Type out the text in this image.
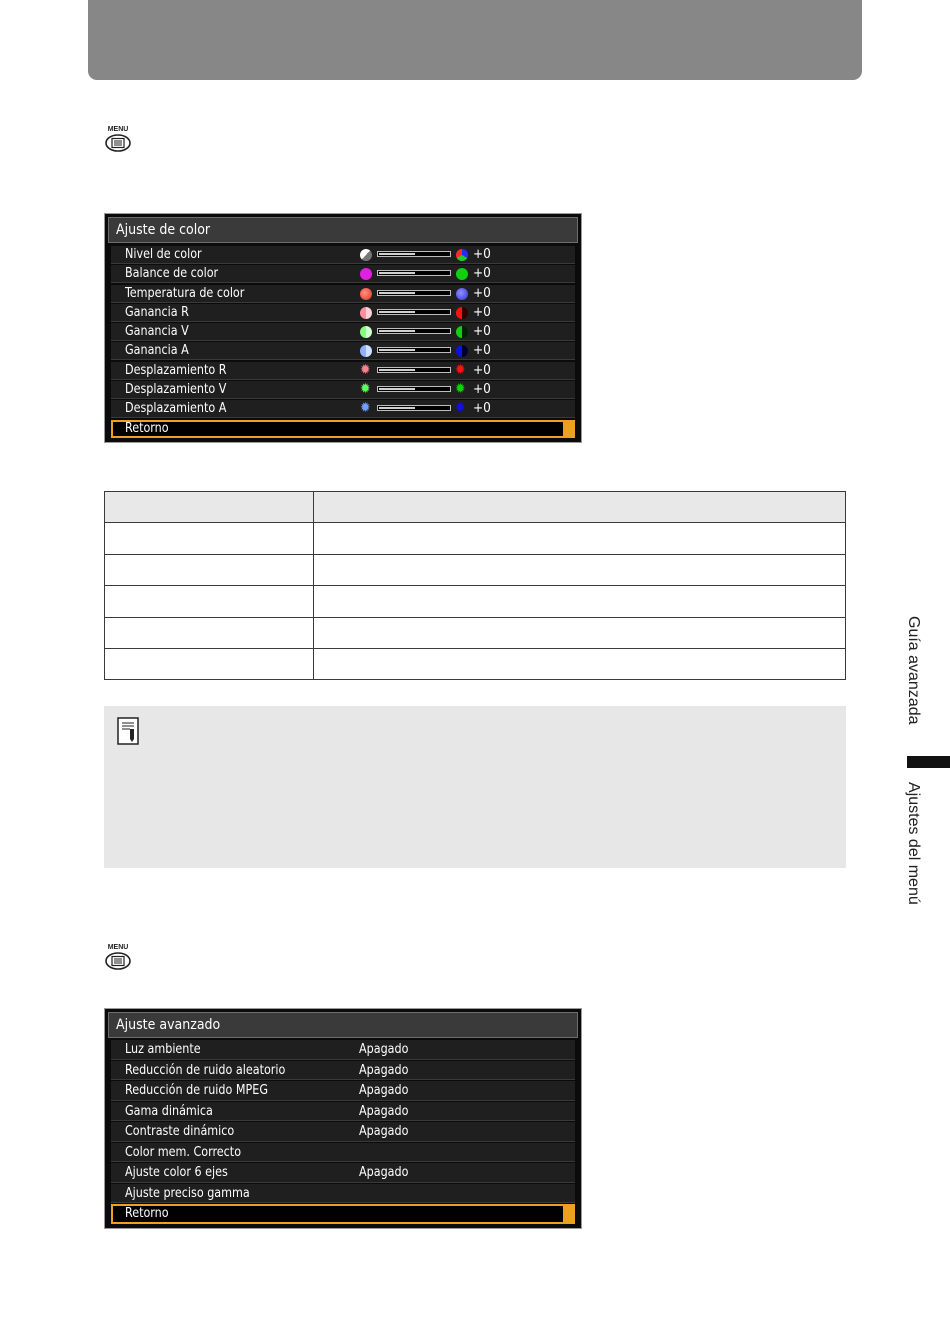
MENU
Ajuste de color
Nivel de color	+0
Balance de color	+0
Temperatura de color	+0
Ganancia R	+0
Ganancia V	+0
Ganancia A	+0
Desplazamiento R	✹	✹ +0
Desplazamiento V	✹	✹ +0
Desplazamiento A	✹	✹ +0
Retorno

MENU
Ajuste avanzado
Luz ambiente	Apagado
Reducción de ruido aleatorio	Apagado
Reducción de ruido MPEG	Apagado
Gama dinámica	Apagado
Contraste dinámico	Apagado
Color mem. Correcto
Ajuste color 6 ejes	Apagado
Ajuste preciso gamma
Retorno
Guía avanzada
Ajustes del menú
